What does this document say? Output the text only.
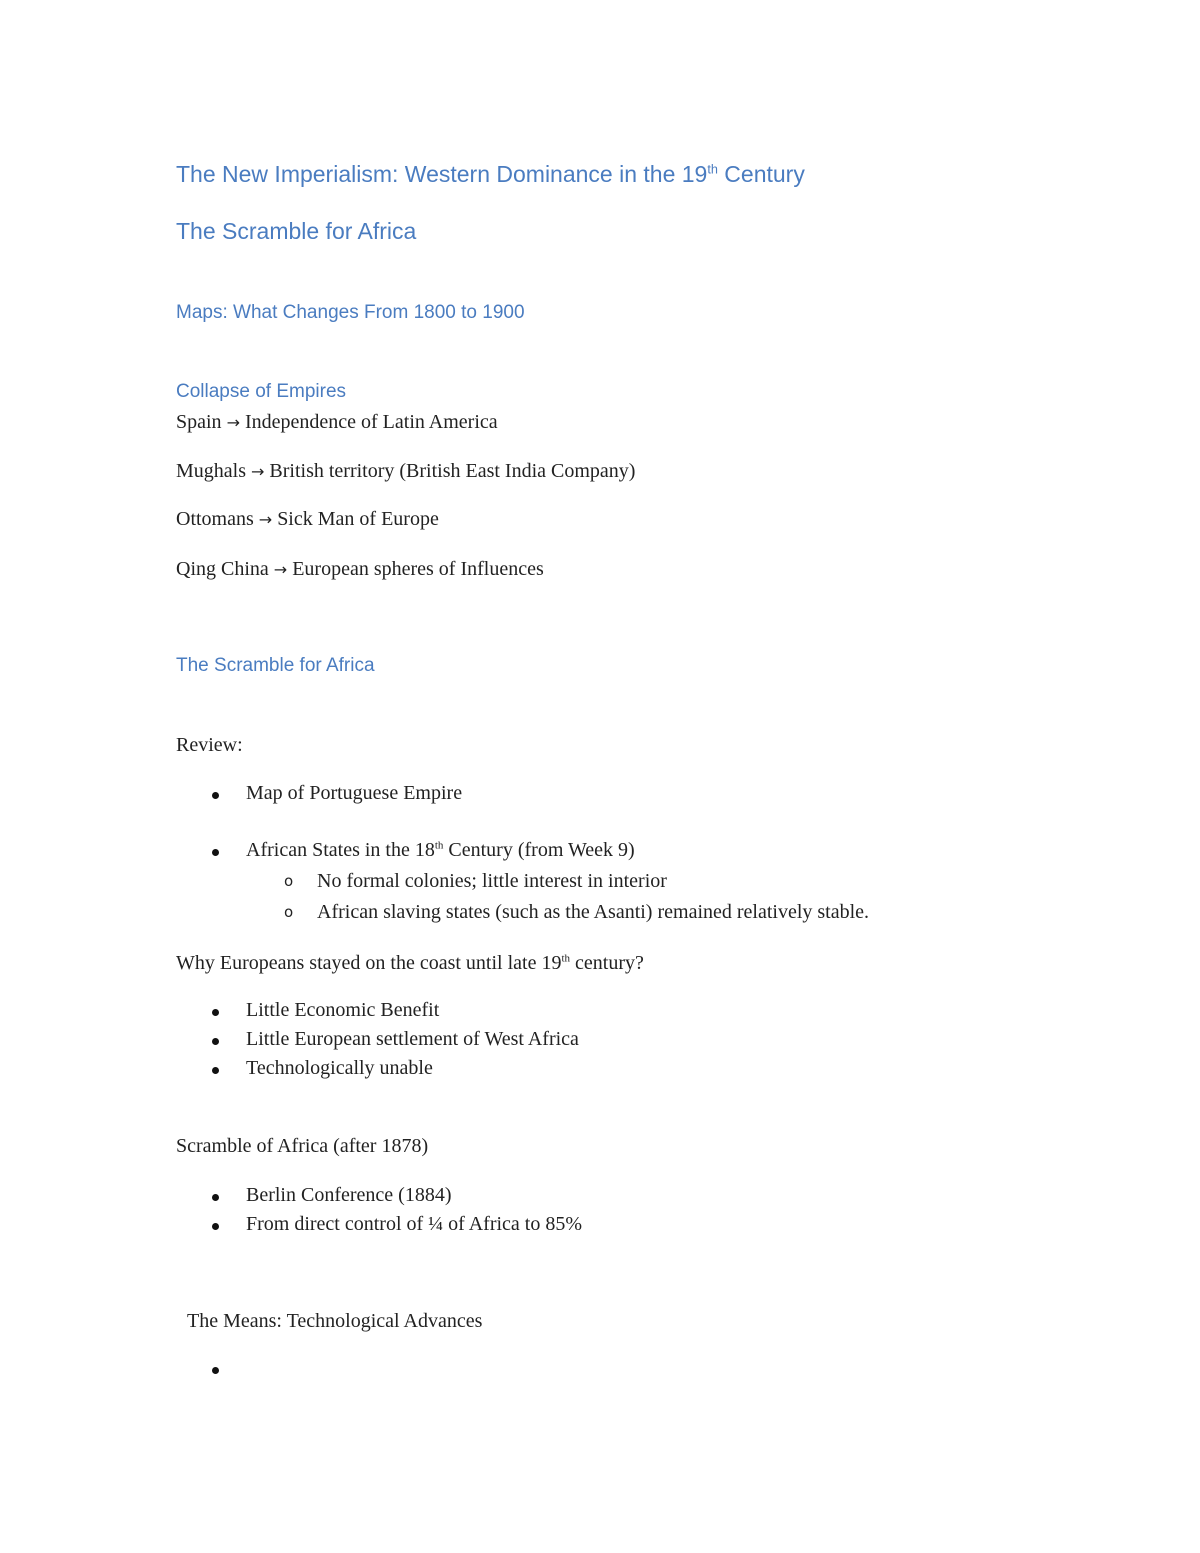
The New Imperialism: Western Dominance in the 19th Century
The Scramble for Africa
Maps: What Changes From 1800 to 1900
Collapse of Empires
Spain → Independence of Latin America
Mughals → British territory (British East India Company)
Ottomans → Sick Man of Europe
Qing China → European spheres of Influences
The Scramble for Africa
Review:
Map of Portuguese Empire
African States in the 18th Century (from Week 9)
o No formal colonies; little interest in interior
o African slaving states (such as the Asanti) remained relatively stable.
Why Europeans stayed on the coast until late 19th century?
Little Economic Benefit
Little European settlement of West Africa
Technologically unable
Scramble of Africa (after 1878)
Berlin Conference (1884)
From direct control of ¼ of Africa to 85%
The Means: Technological Advances
